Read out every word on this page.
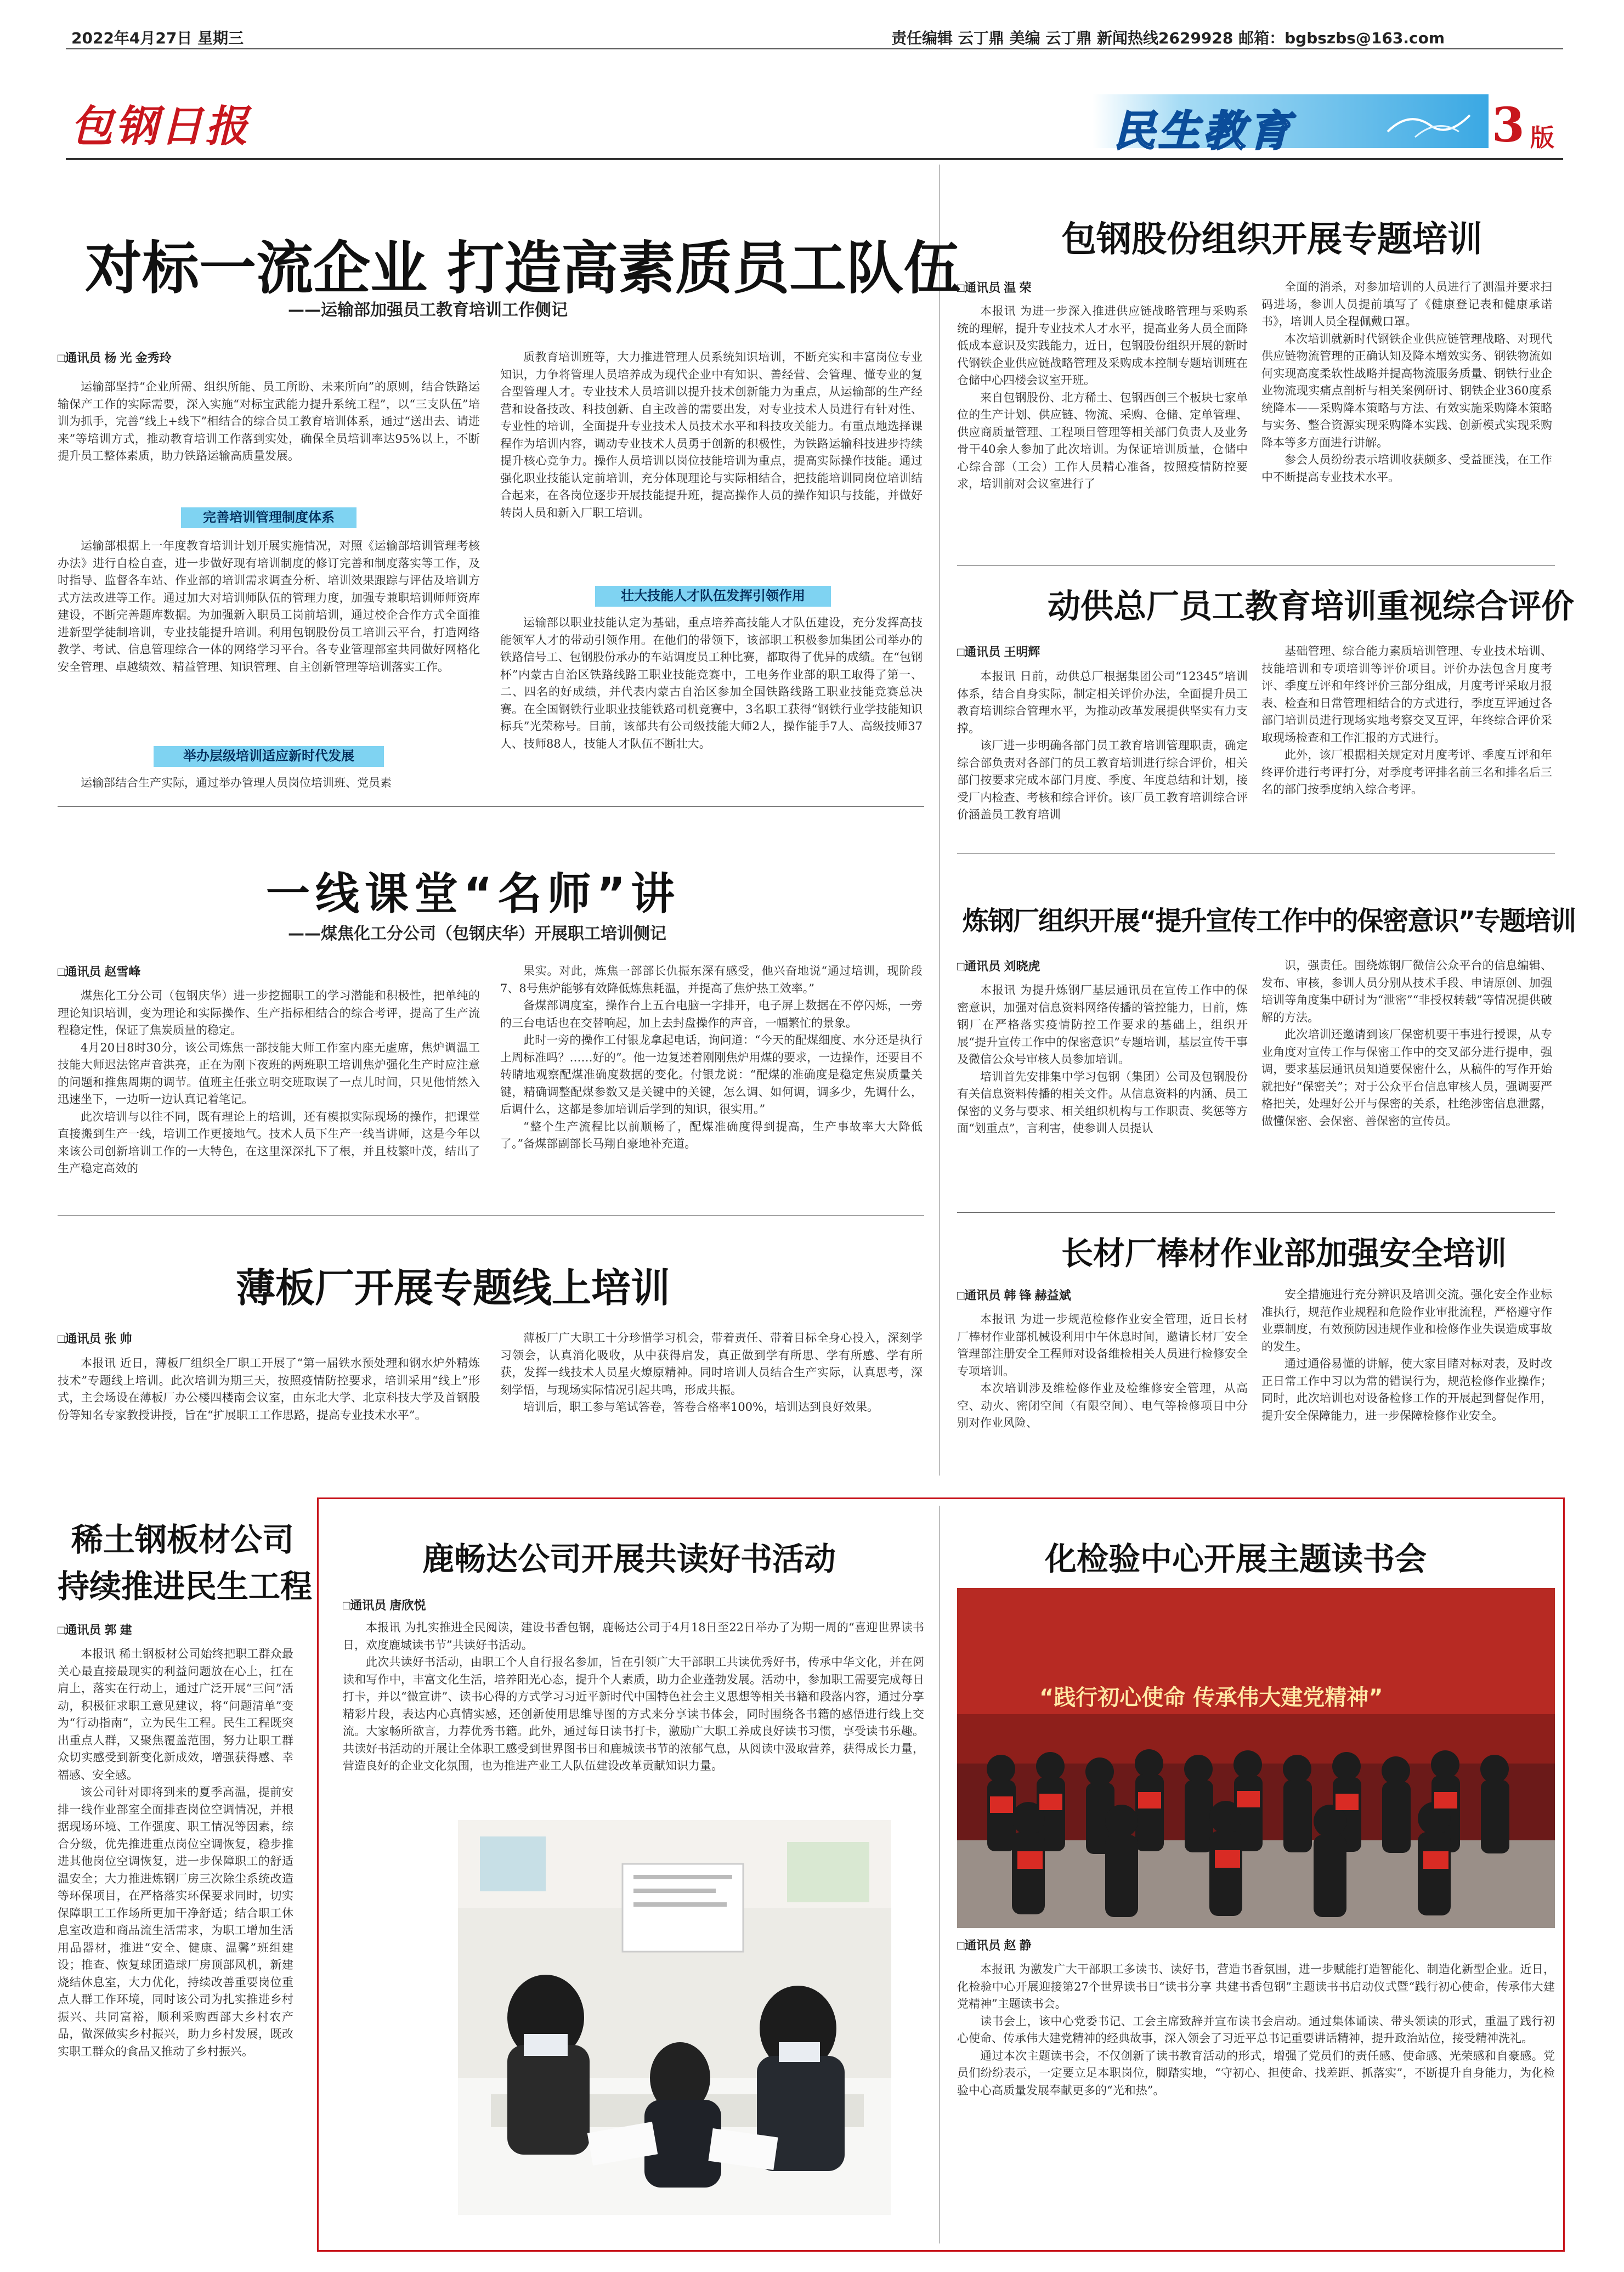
2022年4月27日 星期三	责任编辑 云丁鼎 美编 云丁鼎 新闻热线2629928 邮箱：bgbszbs@163.com
包钢日报	民生教育	3 版
对标一流企业 打造高素质员工队伍
——运输部加强员工教育培训工作侧记
□通讯员 杨 光 金秀玲

运输部坚持“企业所需、组织所能、员工所盼、未来所向”的原则，结合铁路运输保产工作的实际需要，深入实施“对标宝武能力提升系统工程”，以“三支队伍”培训为抓手，完善“线上+线下”相结合的综合员工教育培训体系，通过“送出去、请进来”等培训方式，推动教育培训工作落到实处，确保全员培训率达95%以上，不断提升员工整体素质，助力铁路运输高质量发展。

完善培训管理制度体系

运输部根据上一年度教育培训计划开展实施情况，对照《运输部培训管理考核办法》进行自检自查，进一步做好现有培训制度的修订完善和制度落实等工作，及时指导、监督各车站、作业部的培训需求调查分析、培训效果跟踪与评估及培训方式方法改进等工作。通过加大对培训师队伍的管理力度，加强专兼职培训师师资库建设，不断完善题库数据。为加强新入职员工岗前培训，通过校企合作方式全面推进新型学徒制培训，专业技能提升培训。利用包钢股份员工培训云平台，打造网络教学、考试、信息管理综合一体的网络学习平台。各专业管理部室共同做好网格化安全管理、卓越绩效、精益管理、知识管理、自主创新管理等培训落实工作。

举办层级培训适应新时代发展

运输部结合生产实际，通过举办管理人员岗位培训班、党员素

质教育培训班等，大力推进管理人员系统知识培训，不断充实和丰富岗位专业知识，力争将管理人员培养成为现代企业中有知识、善经营、会管理、懂专业的复合型管理人才。专业技术人员培训以提升技术创新能力为重点，从运输部的生产经营和设备技改、科技创新、自主改善的需要出发，对专业技术人员进行有针对性、专业性的培训，全面提升专业技术人员技术水平和科技攻关能力。有重点地选择课程作为培训内容，调动专业技术人员勇于创新的积极性，为铁路运输科技进步持续提升核心竞争力。操作人员培训以岗位技能培训为重点，提高实际操作技能。通过强化职业技能认定前培训，充分体现理论与实际相结合，把技能培训同岗位培训结合起来，在各岗位逐步开展技能提升班，提高操作人员的操作知识与技能，并做好转岗人员和新入厂职工培训。

壮大技能人才队伍发挥引领作用

运输部以职业技能认定为基础，重点培养高技能人才队伍建设，充分发挥高技能领军人才的带动引领作用。在他们的带领下，该部职工积极参加集团公司举办的铁路信号工、包钢股份承办的车站调度员工种比赛，都取得了优异的成绩。在“包钢杯”内蒙古自治区铁路线路工职业技能竞赛中，工电务作业部的职工取得了第一、二、四名的好成绩，并代表内蒙古自治区参加全国铁路线路工职业技能竞赛总决赛。在全国钢铁行业职业技能铁路司机竞赛中，3名职工获得“钢铁行业学技能知识标兵”光荣称号。目前，该部共有公司级技能大师2人，操作能手7人、高级技师37人、技师88人，技能人才队伍不断壮大。

包钢股份组织开展专题培训
□通讯员 温 荣

本报讯 为进一步深入推进供应链战略管理与采购系统的理解，提升专业技术人才水平，提高业务人员全面降低成本意识及实践能力，近日，包钢股份组织开展的新时代钢铁企业供应链战略管理及采购成本控制专题培训班在仓储中心四楼会议室开班。

来自包钢股份、北方稀土、包钢西创三个板块七家单位的生产计划、供应链、物流、采购、仓储、定单管理、供应商质量管理、工程项目管理等相关部门负责人及业务骨干40余人参加了此次培训。为保证培训质量，仓储中心综合部（工会）工作人员精心准备，按照疫情防控要求，培训前对会议室进行了

全面的消杀，对参加培训的人员进行了测温并要求扫码进场，参训人员提前填写了《健康登记表和健康承诺书》，培训人员全程佩戴口罩。

本次培训就新时代钢铁企业供应链管理战略、对现代供应链物流管理的正确认知及降本增效实务、钢铁物流如何实现高度柔软性战略并提高物流服务质量、钢铁行业企业物流现实痛点剖析与相关案例研讨、钢铁企业360度系统降本——采购降本策略与方法、有效实施采购降本策略与实务、整合资源实现采购降本实践、创新模式实现采购降本等多方面进行讲解。

参会人员纷纷表示培训收获颇多、受益匪浅，在工作中不断提高专业技术水平。

动供总厂员工教育培训重视综合评价
□通讯员 王明辉

本报讯 日前，动供总厂根据集团公司“12345”培训体系，结合自身实际，制定相关评价办法，全面提升员工教育培训综合管理水平，为推动改革发展提供坚实有力支撑。

该厂进一步明确各部门员工教育培训管理职责，确定综合部负责对各部门的员工教育培训进行综合评价，相关部门按要求完成本部门月度、季度、年度总结和计划，接受厂内检查、考核和综合评价。该厂员工教育培训综合评价涵盖员工教育培训

基础管理、综合能力素质培训管理、专业技术培训、技能培训和专项培训等评价项目。评价办法包含月度考评、季度互评和年终评价三部分组成，月度考评采取月报表、检查和日常管理相结合的方式进行，季度互评通过各部门培训员进行现场实地考察交叉互评，年终综合评价采取现场检查和工作汇报的方式进行。

此外，该厂根据相关规定对月度考评、季度互评和年终评价进行考评打分，对季度考评排名前三名和排名后三名的部门按季度纳入综合考评。

一线课堂“名师”讲
——煤焦化工分公司（包钢庆华）开展职工培训侧记
□通讯员 赵雪峰

煤焦化工分公司（包钢庆华）进一步挖掘职工的学习潜能和积极性，把单纯的理论知识培训，变为理论和实际操作、生产指标相结合的综合考评，提高了生产流程稳定性，保证了焦炭质量的稳定。

4月20日8时30分，该公司炼焦一部技能大师工作室内座无虚席，焦炉调温工技能大师迟法铭声音洪亮，正在为刚下夜班的两班职工培训焦炉强化生产时应注意的问题和推焦周期的调节。值班主任张立明交班取误了一点儿时间，只见他悄然入迅速坐下，一边听一边认真记着笔记。

此次培训与以往不同，既有理论上的培训，还有模拟实际现场的操作，把课堂直接搬到生产一线，培训工作更接地气。技术人员下生产一线当讲师，这是今年以来该公司创新培训工作的一大特色，在这里深深扎下了根，并且枝繁叶茂，结出了生产稳定高效的

果实。对此，炼焦一部部长仇振东深有感受，他兴奋地说“通过培训，现阶段7、8号焦炉能够有效降低炼焦耗温，并提高了焦炉热工效率。”

备煤部调度室，操作台上五台电脑一字排开，电子屏上数据在不停闪烁，一旁的三台电话也在交替响起，加上去封盘操作的声音，一幅繁忙的景象。

此时一旁的操作工付银龙拿起电话，询问道：“今天的配煤细度、水分还是执行上周标准吗？……好的”。他一边复述着刚刚焦炉用煤的要求，一边操作，还要目不转睛地观察配煤准确度数据的变化。付银龙说：“配煤的准确度是稳定焦炭质量关键，精确调整配煤参数又是关键中的关键，怎么调、如何调，调多少，先调什么，后调什么，这都是参加培训后学到的知识，很实用。”

“整个生产流程比以前顺畅了，配煤准确度得到提高，生产事故率大大降低了。”备煤部副部长马翔自豪地补充道。

炼钢厂组织开展“提升宣传工作中的保密意识”专题培训
□通讯员 刘晓虎

本报讯 为提升炼钢厂基层通讯员在宣传工作中的保密意识，加强对信息资料网络传播的管控能力，日前，炼钢厂在严格落实疫情防控工作要求的基础上，组织开展“提升宣传工作中的保密意识”专题培训，基层宣传干事及微信公众号审核人员参加培训。

培训首先安排集中学习包钢（集团）公司及包钢股份有关信息资料传播的相关文件。从信息资料的内涵、员工保密的义务与要求、相关组织机构与工作职责、奖惩等方面“划重点”，言利害，使参训人员提认

识，强责任。围绕炼钢厂微信公众平台的信息编辑、发布、审核，参训人员分别从技术手段、申请原创、加强培训等角度集中研讨为“泄密”“非授权转载”等情况提供破解的方法。

此次培训还邀请到该厂保密机要干事进行授课，从专业角度对宣传工作与保密工作中的交叉部分进行提申，强调，要求基层通讯员知道要保密什么，从稿件的写作开始就把好“保密关”；对于公众平台信息审核人员，强调要严格把关，处理好公开与保密的关系，杜绝涉密信息泄露，做懂保密、会保密、善保密的宣传员。

薄板厂开展专题线上培训
□通讯员 张 帅

本报讯 近日，薄板厂组织全厂职工开展了“第一届铁水预处理和钢水炉外精炼技术”专题线上培训。此次培训为期三天，按照疫情防控要求，培训采用“线上”形式，主会场设在薄板厂办公楼四楼南会议室，由东北大学、北京科技大学及首钢股份等知名专家教授讲授，旨在“扩展职工工作思路，提高专业技术水平”。

薄板厂广大职工十分珍惜学习机会，带着责任、带着目标全身心投入，深刻学习领会，认真消化吸收，从中获得启发，真正做到学有所思、学有所感、学有所获，发挥一线技术人员星火燎原精神。同时培训人员结合生产实际，认真思考，深刻学悟，与现场实际情况引起共鸣，形成共振。

培训后，职工参与笔试答卷，答卷合格率100%，培训达到良好效果。

长材厂棒材作业部加强安全培训
□通讯员 韩 锋 赫益斌

本报讯 为进一步规范检修作业安全管理，近日长材厂棒材作业部机械设利用中午休息时间，邀请长材厂安全管理部注册安全工程师对设备维检相关人员进行检修安全专项培训。

本次培训涉及维检修作业及检维修安全管理，从高空、动火、密闭空间（有限空间）、电气等检修项目中分别对作业风险、

安全措施进行充分辨识及培训交流。强化安全作业标准执行，规范作业规程和危险作业审批流程，严格遵守作业票制度，有效预防因违规作业和检修作业失误造成事故的发生。

通过通俗易懂的讲解，使大家目睹对标对表，及时改正日常工作中习以为常的错误行为，规范检修作业操作；同时，此次培训也对设备检修工作的开展起到督促作用，提升安全保障能力，进一步保障检修作业安全。

稀土钢板材公司
持续推进民生工程
□通讯员 郭 建

本报讯 稀土钢板材公司始终把职工群众最关心最直接最现实的利益问题放在心上，扛在肩上，落实在行动上，通过广泛开展“三问”活动，积极征求职工意见建议，将“问题清单”变为“行动指南”，立为民生工程。民生工程既突出重点人群，又聚焦覆盖范围，努力让职工群众切实感受到新变化新成效，增强获得感、幸福感、安全感。

该公司针对即将到来的夏季高温，提前安排一线作业部室全面排查岗位空调情况，并根据现场环境、工作强度、职工情况等因素，综合分级，优先推进重点岗位空调恢复，稳步推进其他岗位空调恢复，进一步保障职工的舒适温安全；大力推进炼钢厂房三次除尘系统改造等环保项目，在严格落实环保要求同时，切实保障职工工作场所更加干净舒适；结合职工休息室改造和商品流生活需求，为职工增加生活用品器材，推进“安全、健康、温馨”班组建设；推查、恢复球团造球厂房顶部风机，新建烧结休息室，大力优化，持续改善重要岗位重点人群工作环境，同时该公司为扎实推进乡村振兴、共同富裕，顺利采购西部大乡村农产品，做深做实乡村振兴，助力乡村发展，既改实职工群众的食品又推动了乡村振兴。

鹿畅达公司开展共读好书活动
□通讯员 唐欣悦

本报讯 为扎实推进全民阅读，建设书香包钢，鹿畅达公司于4月18日至22日举办了为期一周的“喜迎世界读书日，欢度鹿城读书节”共读好书活动。

此次共读好书活动，由职工个人自行报名参加，旨在引领广大干部职工共读优秀好书，传承中华文化，并在阅读和写作中，丰富文化生活，培养阳光心态，提升个人素质，助力企业蓬勃发展。活动中，参加职工需要完成每日打卡，并以“微宣讲”、读书心得的方式学习习近平新时代中国特色社会主义思想等相关书籍和段落内容，通过分享精彩片段，表达内心真情实感，还创新使用思维导图的方式来分享读书体会，同时围绕各书籍的感悟进行线上交流。大家畅所欲言，力荐优秀书籍。此外，通过每日读书打卡，激励广大职工养成良好读书习惯，享受读书乐趣。共读好书活动的开展让全体职工感受到世界图书日和鹿城读书节的浓郁气息，从阅读中汲取营养，获得成长力量，营造良好的企业文化氛围，也为推进产业工人队伍建设改革贡献知识力量。

化检验中心开展主题读书会
“践行初心使命 传承伟大建党精神”
□通讯员 赵 静

本报讯 为激发广大干部职工多读书、读好书，营造书香氛围，进一步赋能打造智能化、制造化新型企业。近日，化检验中心开展迎接第27个世界读书日“读书分享 共建书香包钢”主题读书书启动仪式暨“践行初心使命，传承伟大建党精神”主题读书会。

读书会上，该中心党委书记、工会主席致辞并宣布读书会启动。通过集体诵读、带头领读的形式，重温了践行初心使命、传承伟大建党精神的经典故事，深入领会了习近平总书记重要讲话精神，提升政治站位，接受精神洗礼。

通过本次主题读书会，不仅创新了读书教育活动的形式，增强了党员们的责任感、使命感、光荣感和自豪感。党员们纷纷表示，一定要立足本职岗位，脚踏实地，“守初心、担使命、找差距、抓落实”，不断提升自身能力，为化检验中心高质量发展奉献更多的“光和热”。
